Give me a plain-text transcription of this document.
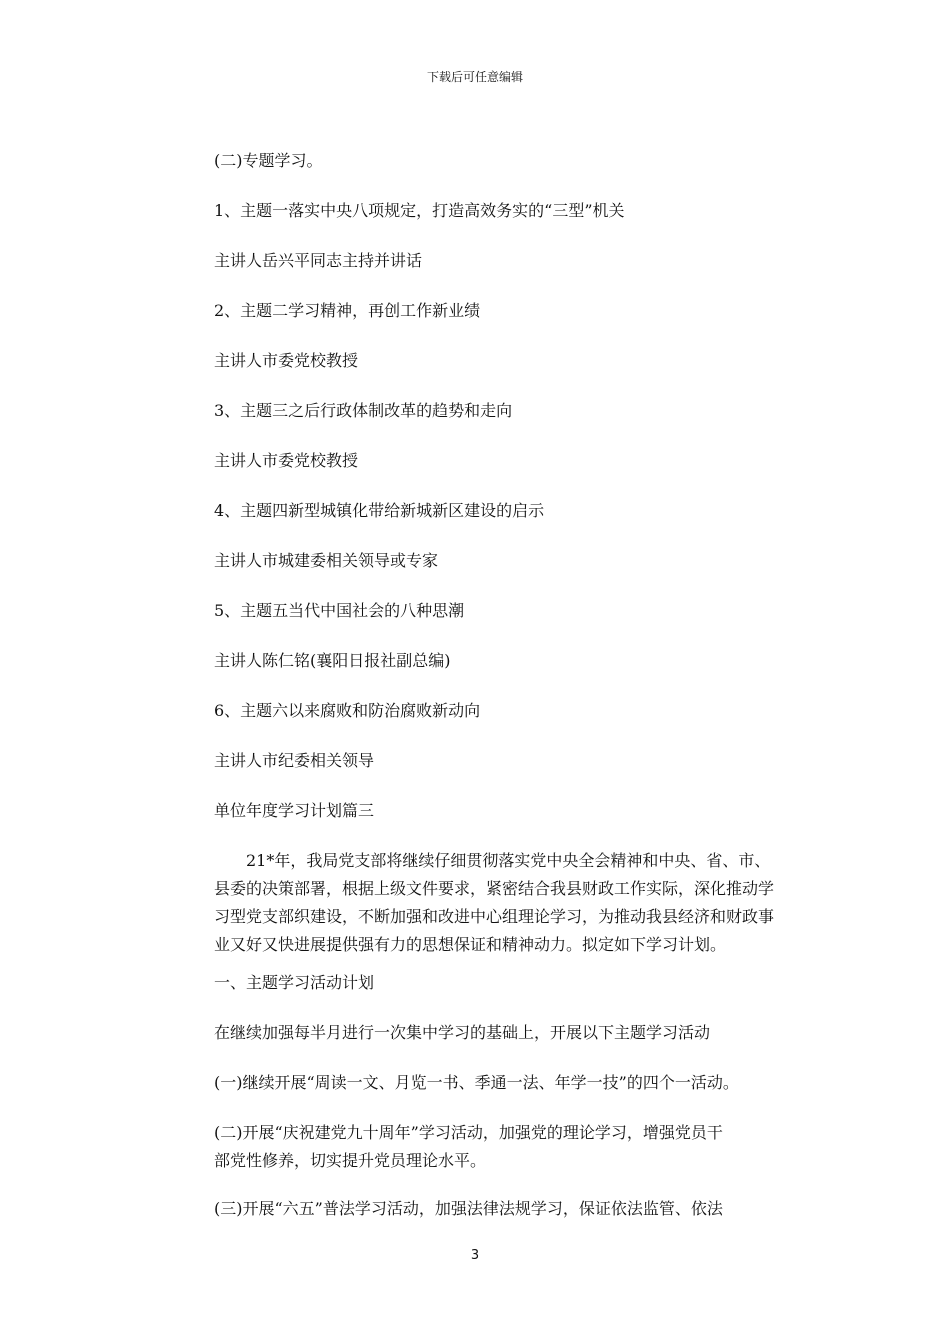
下载后可任意编辑
(二)专题学习。
1、主题一落实中央八项规定，打造高效务实的“三型”机关
主讲人岳兴平同志主持并讲话
2、主题二学习精神，再创工作新业绩
主讲人市委党校教授
3、主题三之后行政体制改革的趋势和走向
主讲人市委党校教授
4、主题四新型城镇化带给新城新区建设的启示
主讲人市城建委相关领导或专家
5、主题五当代中国社会的八种思潮
主讲人陈仁铭(襄阳日报社副总编)
6、主题六以来腐败和防治腐败新动向
主讲人市纪委相关领导
单位年度学习计划篇三
21*年，我局党支部将继续仔细贯彻落实党中央全会精神和中央、省、市、
县委的决策部署，根据上级文件要求，紧密结合我县财政工作实际，深化推动学
习型党支部织建设，不断加强和改进中心组理论学习，为推动我县经济和财政事
业又好又快进展提供强有力的思想保证和精神动力。拟定如下学习计划。
一、主题学习活动计划
在继续加强每半月进行一次集中学习的基础上，开展以下主题学习活动
(一)继续开展“周读一文、月览一书、季通一法、年学一技”的四个一活动。
(二)开展“庆祝建党九十周年”学习活动，加强党的理论学习，增强党员干
部党性修养，切实提升党员理论水平。
(三)开展“六五”普法学习活动，加强法律法规学习，保证依法监管、依法
3
